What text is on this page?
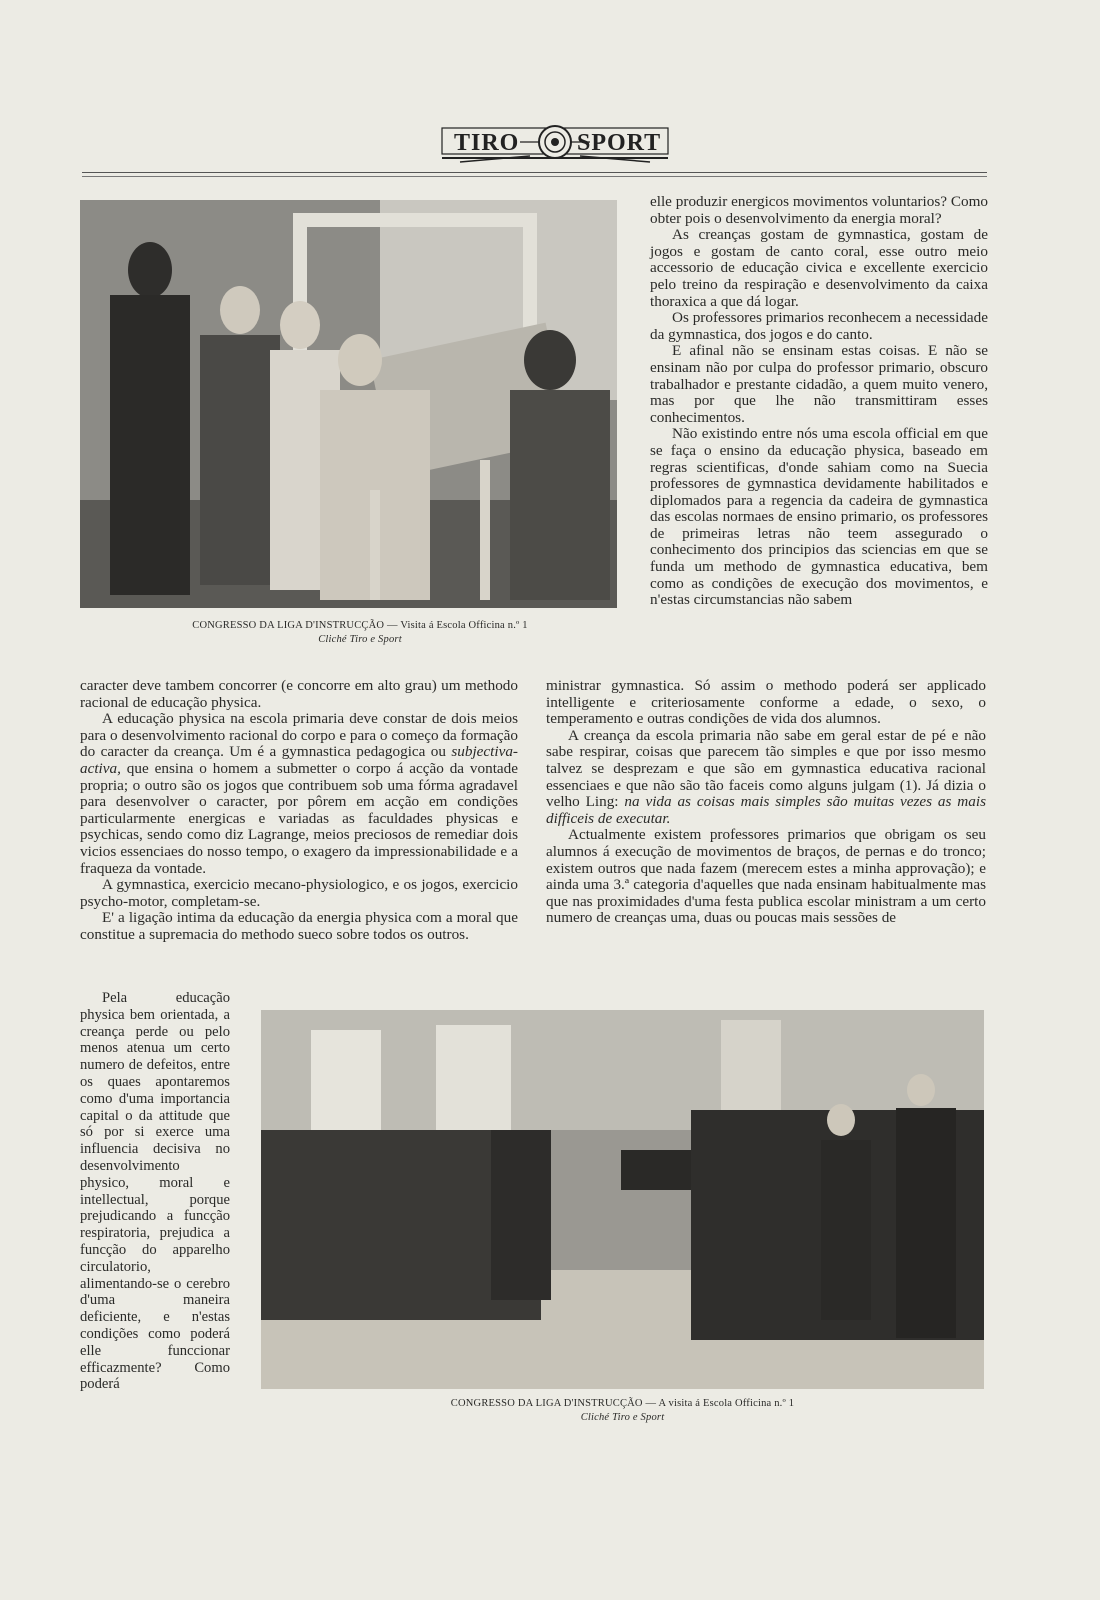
TIRO SPORT
CONGRESSO DA LIGA D'INSTRUCÇÃO — Visita á Escola Officina n.º 1
Cliché Tiro e Sport

elle produzir energicos movimentos voluntarios? Como obter pois o desenvolvimento da energia moral?

As creanças gostam de gymnastica, gostam de jogos e gostam de canto coral, esse outro meio accessorio de educação civica e excellente exercicio pelo treino da respiração e desenvolvimento da caixa thoraxica a que dá logar.

Os professores primarios reconhecem a necessidade da gymnastica, dos jogos e do canto.

E afinal não se ensinam estas coisas. E não se ensinam não por culpa do professor primario, obscuro trabalhador e prestante cidadão, a quem muito venero, mas por que lhe não transmittiram esses conhecimentos.

Não existindo entre nós uma escola official em que se faça o ensino da educação physica, baseado em regras scientificas, d'onde sahiam como na Suecia professores de gymnastica devidamente habilitados e diplomados para a regencia da cadeira de gymnastica das escolas normaes de ensino primario, os professores de primeiras letras não teem assegurado o conhecimento dos principios das sciencias em que se funda um methodo de gymnastica educativa, bem como as condições de execução dos movimentos, e n'estas circumstancias não sabem

caracter deve tambem concorrer (e concorre em alto grau) um methodo racional de educação physica.

A educação physica na escola primaria deve constar de dois meios para o desenvolvimento racional do corpo e para o começo da formação do caracter da creança. Um é a gymnastica pedagogica ou subjectiva-activa, que ensina o homem a submetter o corpo á acção da vontade propria; o outro são os jogos que contribuem sob uma fórma agradavel para desenvolver o caracter, por pôrem em acção em condições particularmente energicas e variadas as faculdades physicas e psychicas, sendo como diz Lagrange, meios preciosos de remediar dois vicios essenciaes do nosso tempo, o exagero da impressionabilidade e a fraqueza da vontade.

A gymnastica, exercicio mecano-physiologico, e os jogos, exercicio psycho-motor, completam-se.

E' a ligação intima da educação da energia physica com a moral que constitue a supremacia do methodo sueco sobre todos os outros.

ministrar gymnastica. Só assim o methodo poderá ser applicado intelligente e criteriosamente conforme a edade, o sexo, o temperamento e outras condições de vida dos alumnos.

A creança da escola primaria não sabe em geral estar de pé e não sabe respirar, coisas que parecem tão simples e que por isso mesmo talvez se desprezam e que são em gymnastica educativa racional essenciaes e que não são tão faceis como alguns julgam (1). Já dizia o velho Ling: na vida as coisas mais simples são muitas vezes as mais difficeis de executar.

Actualmente existem professores primarios que obrigam os seu alumnos á execução de movimentos de braços, de pernas e do tronco; existem outros que nada fazem (merecem estes a minha approvação); e ainda uma 3.ª categoria d'aquelles que nada ensinam habitualmente mas que nas proximidades d'uma festa publica escolar ministram a um certo numero de creanças uma, duas ou poucas mais sessões de

Pela educação physica bem orientada, a creança perde ou pelo menos atenua um certo numero de defeitos, entre os quaes apontaremos como d'uma importancia capital o da attitude que só por si exerce uma influencia decisiva no desenvolvimento physico, moral e intellectual, porque prejudicando a funcção respiratoria, prejudica a funcção do apparelho circulatorio, alimentando-se o cerebro d'uma maneira deficiente, e n'estas condições como poderá elle funccionar efficazmente? Como poderá

CONGRESSO DA LIGA D'INSTRUCÇÃO — A visita á Escola Officina n.º 1
Cliché Tiro e Sport
